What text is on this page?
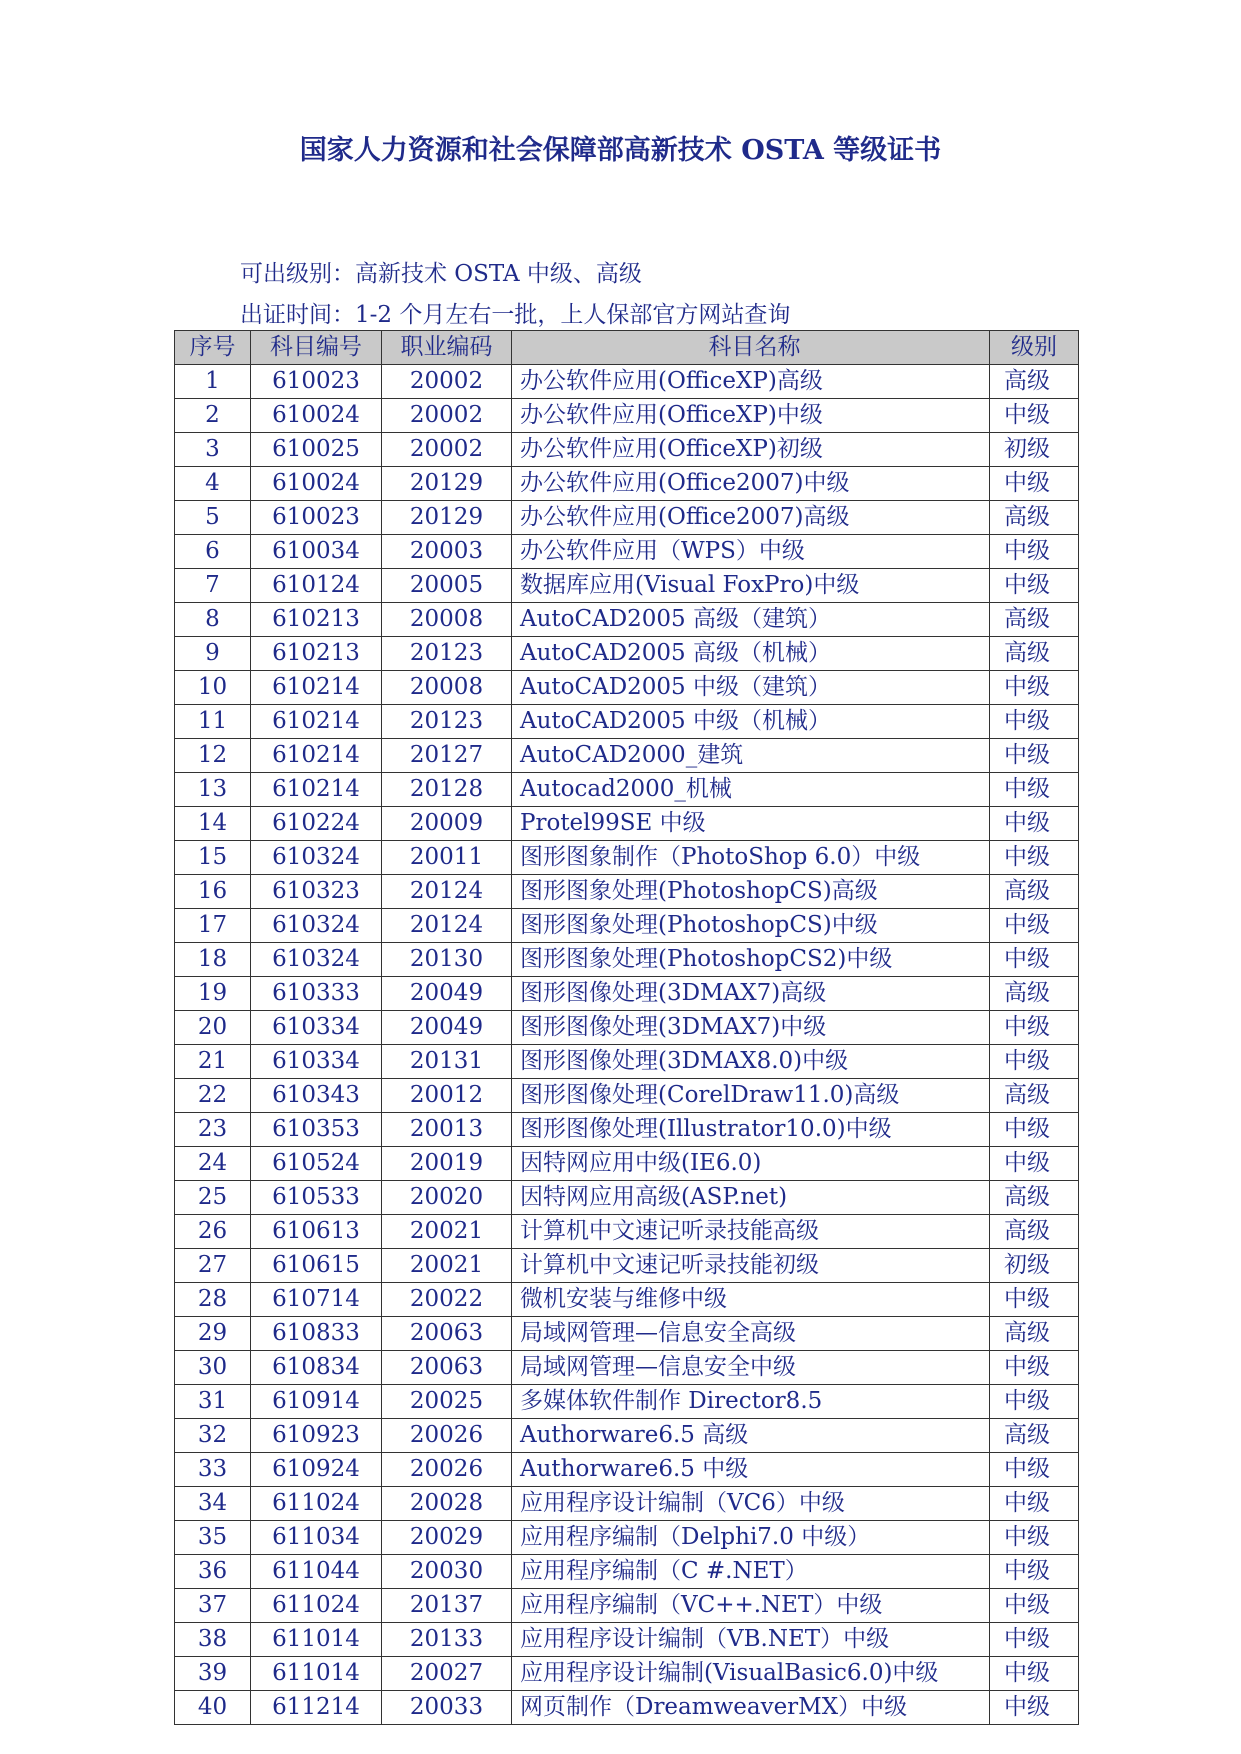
国家人力资源和社会保障部高新技术 OSTA 等级证书
可出级别：高新技术 OSTA 中级、高级
出证时间：1-2 个月左右一批，上人保部官方网站查询
序号	科目编号	职业编码	科目名称	级别
1	610023	20002	办公软件应用(OfficeXP)高级	高级
2	610024	20002	办公软件应用(OfficeXP)中级	中级
3	610025	20002	办公软件应用(OfficeXP)初级	初级
4	610024	20129	办公软件应用(Office2007)中级	中级
5	610023	20129	办公软件应用(Office2007)高级	高级
6	610034	20003	办公软件应用（WPS）中级	中级
7	610124	20005	数据库应用(Visual FoxPro)中级	中级
8	610213	20008	AutoCAD2005 高级（建筑）	高级
9	610213	20123	AutoCAD2005 高级（机械）	高级
10	610214	20008	AutoCAD2005 中级（建筑）	中级
11	610214	20123	AutoCAD2005 中级（机械）	中级
12	610214	20127	AutoCAD2000_建筑	中级
13	610214	20128	Autocad2000_机械	中级
14	610224	20009	Protel99SE 中级	中级
15	610324	20011	图形图象制作（PhotoShop 6.0）中级	中级
16	610323	20124	图形图象处理(PhotoshopCS)高级	高级
17	610324	20124	图形图象处理(PhotoshopCS)中级	中级
18	610324	20130	图形图象处理(PhotoshopCS2)中级	中级
19	610333	20049	图形图像处理(3DMAX7)高级	高级
20	610334	20049	图形图像处理(3DMAX7)中级	中级
21	610334	20131	图形图像处理(3DMAX8.0)中级	中级
22	610343	20012	图形图像处理(CorelDraw11.0)高级	高级
23	610353	20013	图形图像处理(Illustrator10.0)中级	中级
24	610524	20019	因特网应用中级(IE6.0)	中级
25	610533	20020	因特网应用高级(ASP.net)	高级
26	610613	20021	计算机中文速记听录技能高级	高级
27	610615	20021	计算机中文速记听录技能初级	初级
28	610714	20022	微机安装与维修中级	中级
29	610833	20063	局域网管理—信息安全高级	高级
30	610834	20063	局域网管理—信息安全中级	中级
31	610914	20025	多媒体软件制作 Director8.5	中级
32	610923	20026	Authorware6.5 高级	高级
33	610924	20026	Authorware6.5 中级	中级
34	611024	20028	应用程序设计编制（VC6）中级	中级
35	611034	20029	应用程序编制（Delphi7.0 中级）	中级
36	611044	20030	应用程序编制（C #.NET）	中级
37	611024	20137	应用程序编制（VC++.NET）中级	中级
38	611014	20133	应用程序设计编制（VB.NET）中级	中级
39	611014	20027	应用程序设计编制(VisualBasic6.0)中级	中级
40	611214	20033	网页制作（DreamweaverMX）中级	中级
